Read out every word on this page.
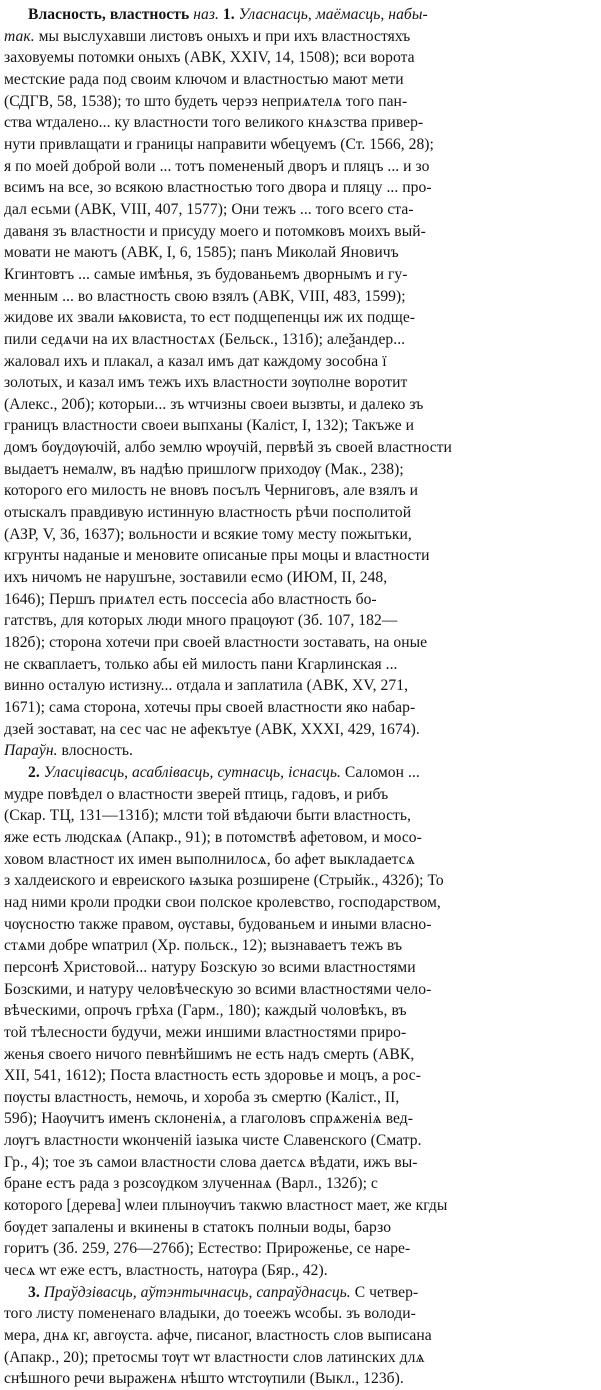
Власность, властность наз. 1. Уласнасць, маёмасць, набы-
так. мы выслухавши листовъ оныхъ и при ихъ властностяхъ
заховуемы потомки оныхъ (АВК, XXIV, 14, 1508); вси ворота
местские рада под своим ключом и властностью мают мети
(СДГВ, 58, 1538); то што будеть черэз неприѧтелѧ того пан-
ства ѡтдалено... ку властности того великого кнѧзства привер-
нути привлащати и границы направити ѡбецуемъ (Ст. 1566, 28);
я по моей доброй воли ... тотъ помененый дворъ и пляцъ ... и зо
всимъ на все, зо всякою властностью того двора и пляцу ... про-
дал есьми (АВК, VIII, 407, 1577); Они тежъ ... того всего ста-
даваня зъ властности и присуду моего и потомковъ моихъ вый-
мовати не маютъ (АВК, I, 6, 1585); панъ Миколай Яновичъ
Кгинтовтъ ... самые имѣнья, зъ будованьемъ дворнымъ и гу-
менным ... во властность свою взялъ (АВК, VIII, 483, 1599);
жидове их звали ѩковиста, то ест подщепенцы иж их подще-
пили седѧчи на их властностѧх (Бельск., 131б); алеѯандер...
жаловал ихъ и плакал, а казал имъ дат каждому зособна ї
золотых, и казал имъ тежъ ихъ властности зѹполне воротит
(Алекс., 20б); которыи... зъ ѡтчизны своеи вызвты, и далеко зъ
границъ властности своеи выпханы (Каліст, I, 132); Такъже и
домъ бѹдѹючій, албо землю ѡрѹчій, первѣй зъ своей властности
выдаетъ немалѡ, въ надѣю пришлогѡ приходѹ (Мак., 238);
которого его милость не вновъ посълъ Черниговъ, але взялъ и
отыскалъ правдивую истинную властность рѣчи посполитой
(АЗР, V, 36, 1637); вольности и всякие тому месту пожытьки,
кгрунты наданые и меновите описаные пры моцы и властности
ихъ ничомъ не нарушъне, зоставили есмо (ИЮМ, II, 248,
1646); Першъ приѧтел есть поссесіа або властность бо-
гатствъ, для которых люди много працѹют (Зб. 107, 182—
182б); сторона хотечи при своей властности зоставать, на оные
не скваплаетъ, только абы ей милость пани Кгарлинская ...
винно осталую истизну... отдала и заплатила (АВК, XV, 271,
1671); сама сторона, хотечы пры своей властности яко набар-
дзей зостават, на сес час не афекътуе (АВК, XXXI, 429, 1674).
Парaўн. влoсность.
2. Уласцівасць, асаблівасць, сутнасць, існасць. Саломон ...
мудре повѣдел о властности зверей птиць, гадовъ, и рибъ
(Скар. ТЦ, 131—131б); млсти той вѣдаючи быти властность,
яже есть людскаѧ (Апакр., 91); в потомствѣ афетовом, и мосо-
ховом властност их имен выполнилосѧ, бо афет выкладаетсѧ
з халдеиского и евреиского ѩзыка розширене (Стрыйк., 432б); То
над ними кроли продки свои полское кролевство, господарством,
чѹсностю также правом, ѹставы, будованьем и иными власно-
стѧми добре ѡпатрил (Хр. польск., 12); вызнаваетъ тежъ въ
персонѣ Христовой... натуру Бозскую зо всими властностями
Бозскими, и натуру человѣческую зо всими властностями чело-
вѣческими, опрочъ грѣха (Гарм., 180); каждый чоловѣкъ, въ
той тѣлесности будучи, межи иншими властностями приро-
женья своего ничого певнѣйшимъ не есть надъ смерть (АВК,
XII, 541, 1612); Поста властность есть здоровье и моцъ, а рос-
пѹсты властность, немочь, и хороба зъ смертю (Каліст., II,
59б); Наѹчитъ именъ склоненіѧ, а глаголовъ спрѧженіѧ вед-
лѹгъ властности ѡконченій іазыка чисте Славенского (Сматр.
Гр., 4); тое зъ самои властности слова даетсѧ вѣдати, ижъ вы-
бране естъ рада з розсѹдком злученнаѧ (Варл., 132б); с
которого [дерева] ѡлеи плынѹчиъ такѡю властност мает, же кгды
бѹдет запалены и вкинены в статокъ полныи воды, барзо
горитъ (Зб. 259, 276—276б); Естество: Прироженье, се нарe-
чесѧ ѡт еже естъ, властность, натѹра (Бяр., 42).
3. Праўдзівасць, аўтэнтычнасць, сапраўднасць. С четвер-
того листу помененаго владыки, до тоеежъ ѡсобы. зъ володи-
мера, днѧ кг, авгѹста. афче, писаног, властность слов выписана
(Апакр., 20); претосмы тѹт ѡт властности слов латинских длѧ
снѣшного речи выраженѧ нѣшто ѡтстѹпили (Выкл., 123б).
